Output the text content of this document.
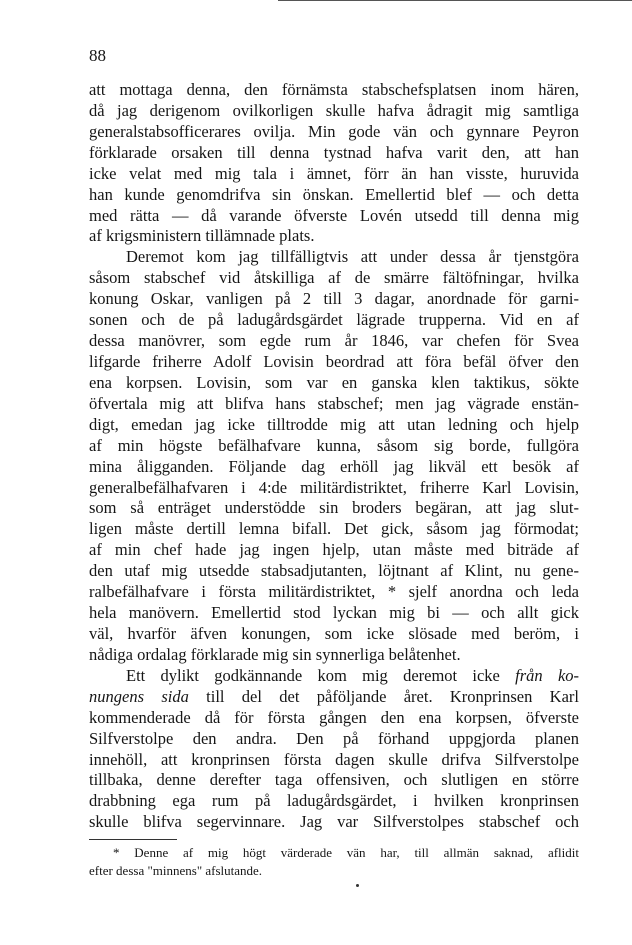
88
att mottaga denna, den förnämsta stabschefsplatsen inom hären,
då jag derigenom ovilkorligen skulle hafva ådragit mig samtliga
generalstabsofficerares ovilja. Min gode vän och gynnare Peyron
förklarade orsaken till denna tystnad hafva varit den, att han
icke velat med mig tala i ämnet, förr än han visste, huruvida
han kunde genomdrifva sin önskan. Emellertid blef — och detta
med rätta — då varande öfverste Lovén utsedd till denna mig
af krigsministern tillämnade plats.
Deremot kom jag tillfälligtvis att under dessa år tjenstgöra
såsom stabschef vid åtskilliga af de smärre fältöfningar, hvilka
konung Oskar, vanligen på 2 till 3 dagar, anordnade för garni-
sonen och de på ladugårdsgärdet lägrade trupperna. Vid en af
dessa manövrer, som egde rum år 1846, var chefen för Svea
lifgarde friherre Adolf Lovisin beordrad att föra befäl öfver den
ena korpsen. Lovisin, som var en ganska klen taktikus, sökte
öfvertala mig att blifva hans stabschef; men jag vägrade enstän-
digt, emedan jag icke tilltrodde mig att utan ledning och hjelp
af min högste befälhafvare kunna, såsom sig borde, fullgöra
mina åligganden. Följande dag erhöll jag likväl ett besök af
generalbefälhafvaren i 4:de militärdistriktet, friherre Karl Lovisin,
som så enträget understödde sin broders begäran, att jag slut-
ligen måste dertill lemna bifall. Det gick, såsom jag förmodat;
af min chef hade jag ingen hjelp, utan måste med biträde af
den utaf mig utsedde stabsadjutanten, löjtnant af Klint, nu gene-
ralbefälhafvare i första militärdistriktet, * sjelf anordna och leda
hela manövern. Emellertid stod lyckan mig bi — och allt gick
väl, hvarför äfven konungen, som icke slösade med beröm, i
nådiga ordalag förklarade mig sin synnerliga belåtenhet.
Ett dylikt godkännande kom mig deremot icke från ko-
nungens sida till del det påföljande året. Kronprinsen Karl
kommenderade då för första gången den ena korpsen, öfverste
Silfverstolpe den andra. Den på förhand uppgjorda planen
innehöll, att kronprinsen första dagen skulle drifva Silfverstolpe
tillbaka, denne derefter taga offensiven, och slutligen en större
drabbning ega rum på ladugårdsgärdet, i hvilken kronprinsen
skulle blifva segervinnare. Jag var Silfverstolpes stabschef och
* Denne af mig högt värderade vän har, till allmän saknad, aflidit
efter dessa "minnens" afslutande.
